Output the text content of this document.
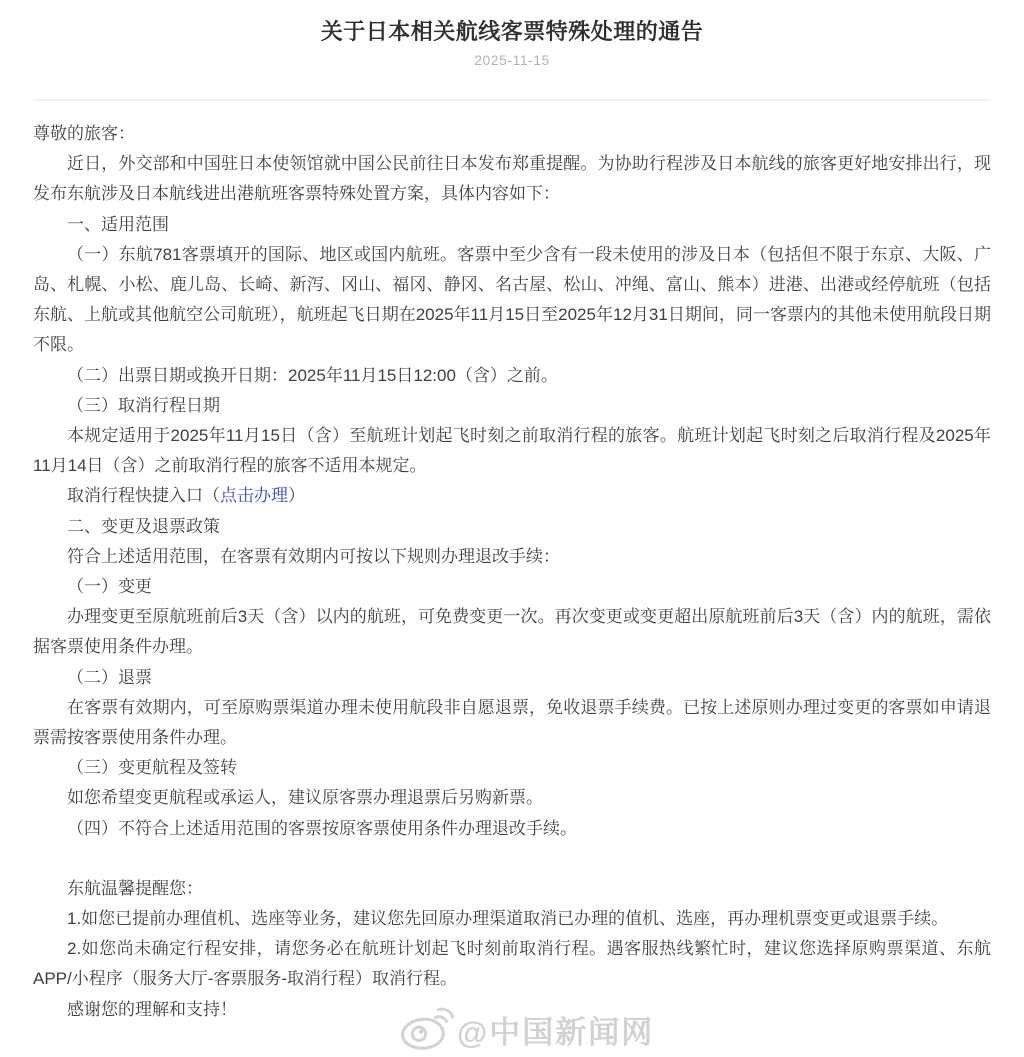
关于日本相关航线客票特殊处理的通告
2025-11-15

尊敬的旅客：

近日，外交部和中国驻日本使领馆就中国公民前往日本发布郑重提醒。为协助行程涉及日本航线的旅客更好地安排出行，现发布东航涉及日本航线进出港航班客票特殊处置方案，具体内容如下：

一、适用范围

（一）东航781客票填开的国际、地区或国内航班。客票中至少含有一段未使用的涉及日本（包括但不限于东京、大阪、广岛、札幌、小松、鹿儿岛、长崎、新泻、冈山、福冈、静冈、名古屋、松山、冲绳、富山、熊本）进港、出港或经停航班（包括东航、上航或其他航空公司航班），航班起飞日期在2025年11月15日至2025年12月31日期间，同一客票内的其他未使用航段日期不限。

（二）出票日期或换开日期：2025年11月15日12:00（含）之前。

（三）取消行程日期

本规定适用于2025年11月15日（含）至航班计划起飞时刻之前取消行程的旅客。航班计划起飞时刻之后取消行程及2025年11月14日（含）之前取消行程的旅客不适用本规定。

取消行程快捷入口（点击办理）

二、变更及退票政策

符合上述适用范围，在客票有效期内可按以下规则办理退改手续：

（一）变更

办理变更至原航班前后3天（含）以内的航班，可免费变更一次。再次变更或变更超出原航班前后3天（含）内的航班，需依据客票使用条件办理。

（二）退票

在客票有效期内，可至原购票渠道办理未使用航段非自愿退票，免收退票手续费。已按上述原则办理过变更的客票如申请退票需按客票使用条件办理。

（三）变更航程及签转

如您希望变更航程或承运人，建议原客票办理退票后另购新票。

（四）不符合上述适用范围的客票按原客票使用条件办理退改手续。

东航温馨提醒您：

1.如您已提前办理值机、选座等业务，建议您先回原办理渠道取消已办理的值机、选座，再办理机票变更或退票手续。

2.如您尚未确定行程安排，请您务必在航班计划起飞时刻前取消行程。遇客服热线繁忙时，建议您选择原购票渠道、东航APP/小程序（服务大厅-客票服务-取消行程）取消行程。

感谢您的理解和支持！

@中国新闻网
